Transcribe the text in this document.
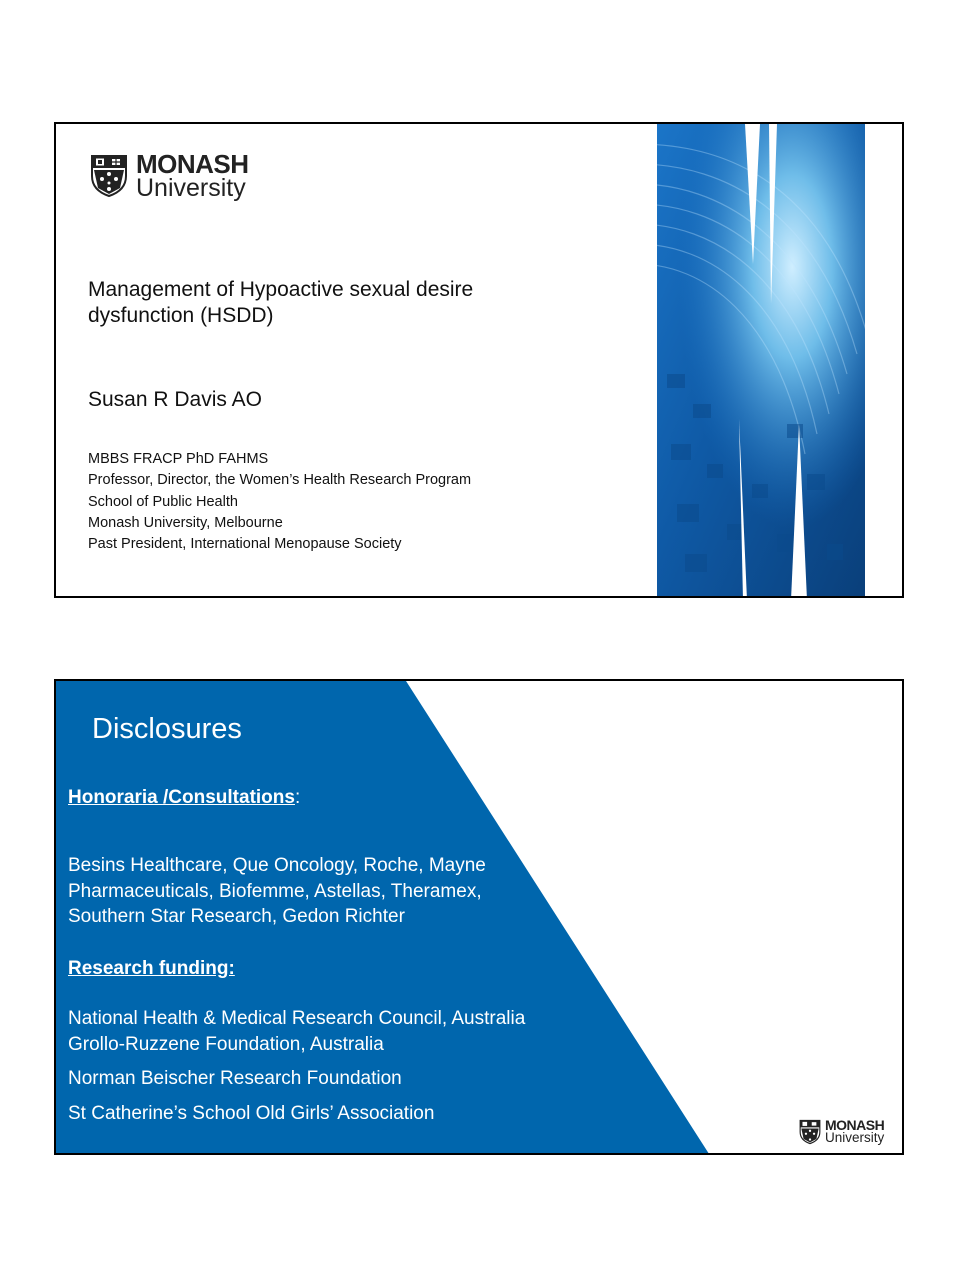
MONASH
University
Management of Hypoactive sexual desire dysfunction (HSDD)
Susan R Davis AO
MBBS FRACP PhD FAHMS
Professor, Director, the Women’s Health Research Program
School of Public Health
Monash University, Melbourne
Past President, International Menopause Society
Disclosures
Honoraria /Consultations:
Besins Healthcare, Que Oncology, Roche, Mayne Pharmaceuticals, Biofemme, Astellas, Theramex, Southern Star Research, Gedon Richter
Research funding:
National Health & Medical Research Council, Australia
Grollo-Ruzzene Foundation, Australia
Norman Beischer Research Foundation
St Catherine’s School Old Girls’ Association
MONASH
University
